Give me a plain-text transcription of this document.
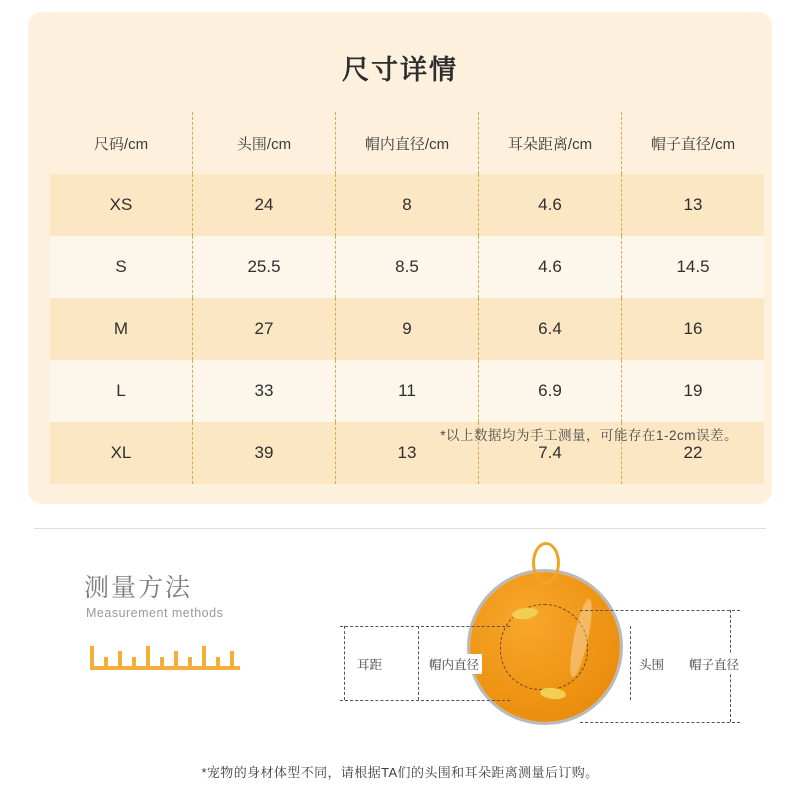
尺寸详情
尺码/cm	头围/cm	帽内直径/cm	耳朵距离/cm	帽子直径/cm
XS	24	8	4.6	13
S	25.5	8.5	4.6	14.5
M	27	9	6.4	16
L	33	11	6.9	19
XL	39	13	7.4	22
*以上数据均为手工测量，可能存在1-2cm误差。
测量方法
Measurement methods
耳距	帽内直径	头围 帽子直径
*宠物的身材体型不同，请根据TA们的头围和耳朵距离测量后订购。
